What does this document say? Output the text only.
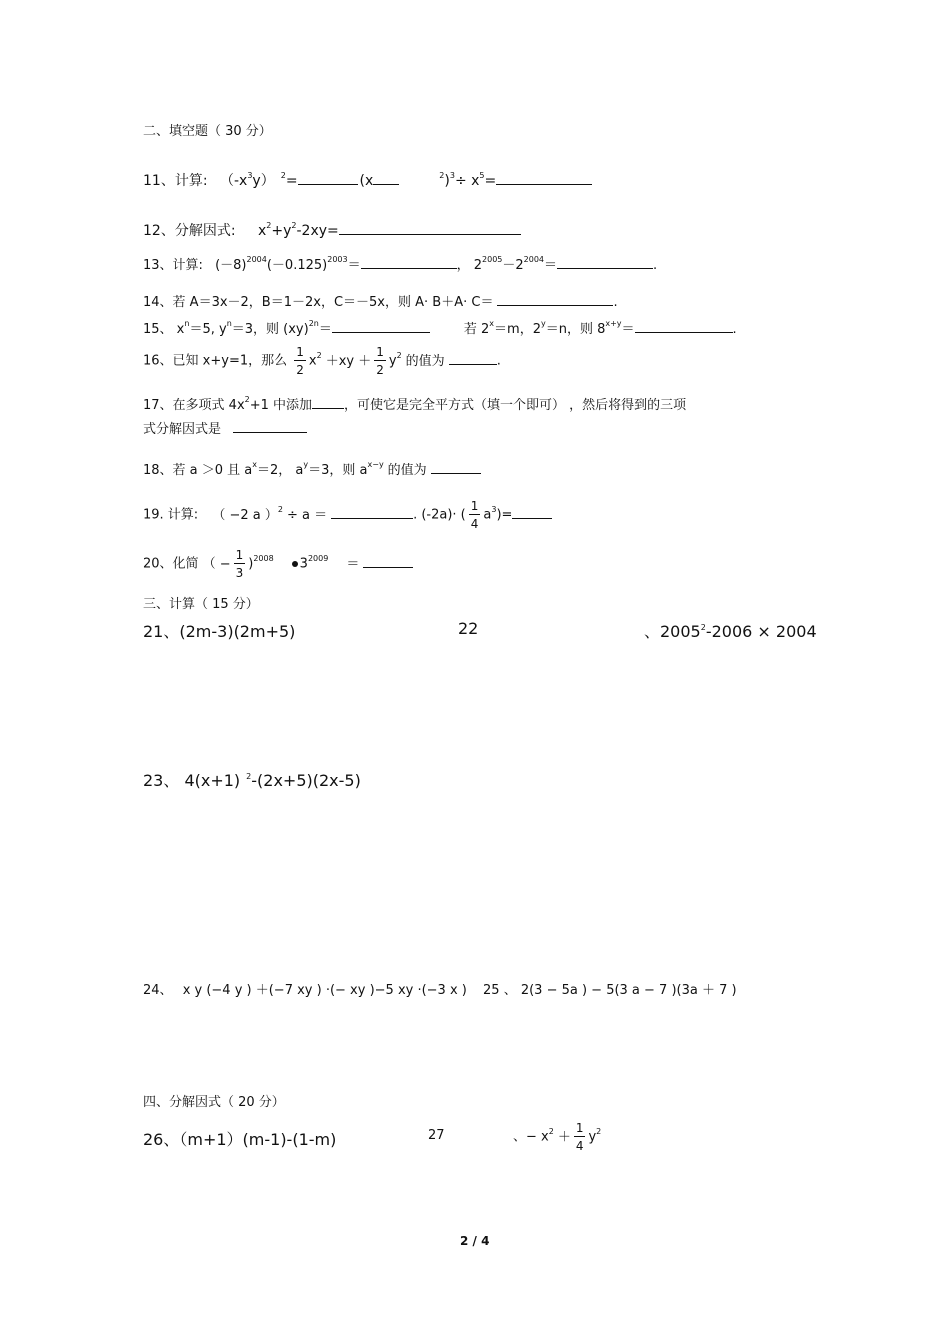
二、填空题（ 30 分）
11、计算: $(-x^3y)$ $^2$=	(x	$^2)^3\div x^5=$
12、分解因式: $x^2+y^2-2xy=$
13、计算: $(-8)^{2004}(-0.125)^{2003}=$	， $2^{2005}-2^{2004}=$	.
14、若 A＝3x－2，B＝1－2x，C＝－5x，则 A· B＋A· C＝	.
15、 $x^n=5$, $y^n=3$，则 (xy)$^{2n}$＝	若 $2^x=m$，$2^y=n$，则 $8^{x+y}=$	.
16、已知 x+y=1，那么 $\frac{1}{2} x^2 +xy + \frac{1}{2} y^2$ 的值为	.
17、在多项式 $4x^2+1$ 中添加 ，可使它是完全平方式（填一个即可） ，然后将得到的三项
式分解因式是
18、若 a ＞0 且 $a^x=2$， $a^y=3$，则 $a^{x-y}$ 的值为
19. 计算: （ −2 a ）$^2$ ÷ a ＝	. (-2a)· ( $\frac{1}{4} a^3)=$
20、化简 （ − $\frac{1}{3} )^{2008}$ $3^{2009}$ ＝
三、计算（ 15 分）
21、(2m-3)(2m+5)	22	、$2005^2-2006 \times 2004$
23、 4(x+1) $^2$-(2x+5)(2x-5)
24、 x y (−4 y ) ＋(−7 xy ) ·(− xy )−5 xy ·(−3 x ) 25 、 2(3 − 5a ) − 5(3 a − 7 )(3a ＋ 7 )
四、分解因式（ 20 分）
26、（m+1）(m-1)-(1-m)	27	、− $x^2 + \frac{1}{4} y^2$
2 / 4
